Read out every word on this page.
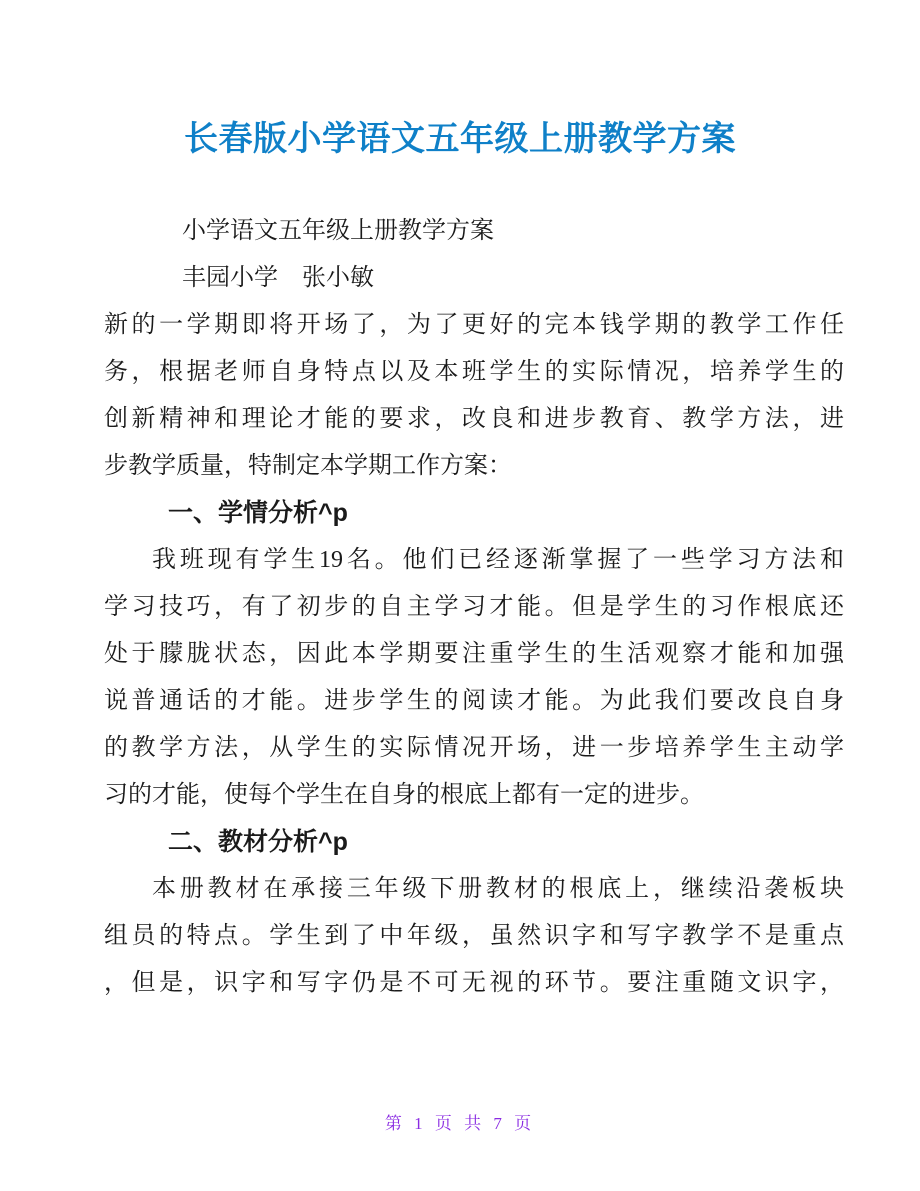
长春版小学语文五年级上册教学方案
小学语文五年级上册教学方案
丰园小学　张小敏
新的一学期即将开场了，为了更好的完本钱学期的教学工作任
务，根据老师自身特点以及本班学生的实际情况，培养学生的
创新精神和理论才能的要求，改良和进步教育、教学方法，进
步教学质量，特制定本学期工作方案：
一、学情分析^p
我班现有学生19名。他们已经逐渐掌握了一些学习方法和
学习技巧，有了初步的自主学习才能。但是学生的习作根底还
处于朦胧状态，因此本学期要注重学生的生活观察才能和加强
说普通话的才能。进步学生的阅读才能。为此我们要改良自身
的教学方法，从学生的实际情况开场，进一步培养学生主动学
习的才能，使每个学生在自身的根底上都有一定的进步。
二、教材分析^p
本册教材在承接三年级下册教材的根底上，继续沿袭板块
组员的特点。学生到了中年级，虽然识字和写字教学不是重点
，但是，识字和写字仍是不可无视的环节。要注重随文识字，
第 1 页 共 7 页
